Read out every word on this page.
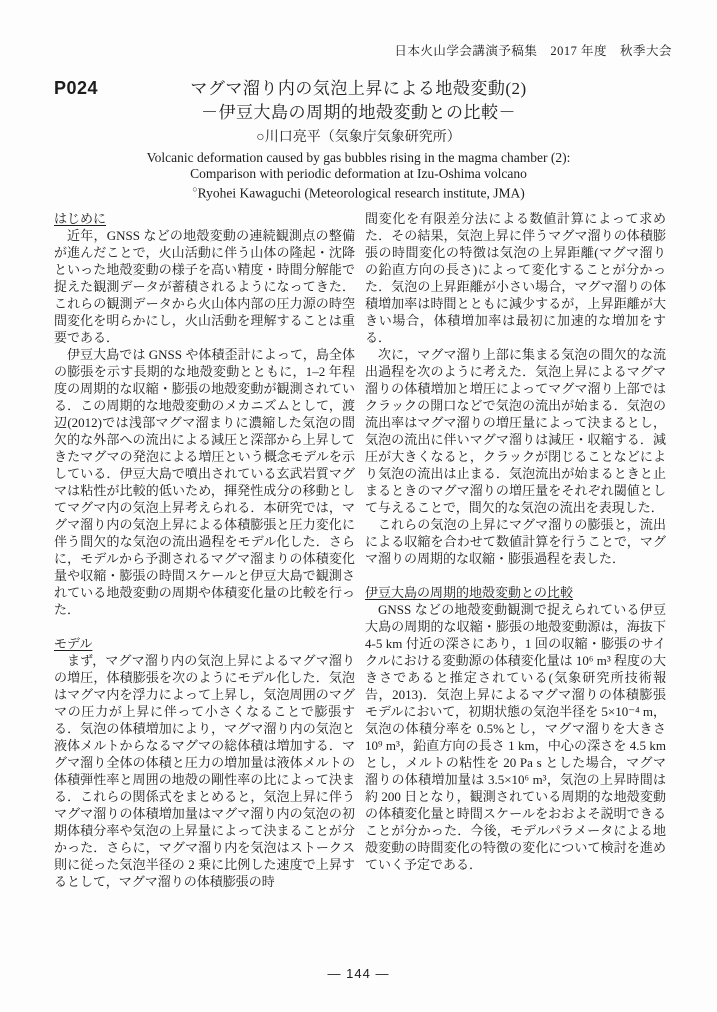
日本火山学会講演予稿集　2017 年度　秋季大会
P024	マグマ溜り内の気泡上昇による地殻変動(2)
－伊豆大島の周期的地殻変動との比較－
○川口亮平（気象庁気象研究所）
Volcanic deformation caused by gas bubbles rising in the magma chamber (2):
Comparison with periodic deformation at Izu-Oshima volcano
○Ryohei Kawaguchi (Meteorological research institute, JMA)
はじめに

近年，GNSS などの地殻変動の連続観測点の整備が進んだことで，火山活動に伴う山体の隆起・沈降といった地殻変動の様子を高い精度・時間分解能で捉えた観測データが蓄積されるようになってきた．これらの観測データから火山体内部の圧力源の時空間変化を明らかにし，火山活動を理解することは重要である．

伊豆大島では GNSS や体積歪計によって，島全体の膨張を示す長期的な地殻変動とともに，1–2 年程度の周期的な収縮・膨張の地殻変動が観測されている．この周期的な地殻変動のメカニズムとして，渡辺(2012)では浅部マグマ溜まりに濃縮した気泡の間欠的な外部への流出による減圧と深部から上昇してきたマグマの発泡による増圧という概念モデルを示している．伊豆大島で噴出されている玄武岩質マグマは粘性が比較的低いため，揮発性成分の移動としてマグマ内の気泡上昇考えられる．本研究では，マグマ溜り内の気泡上昇による体積膨張と圧力変化に伴う間欠的な気泡の流出過程をモデル化した．さらに，モデルから予測されるマグマ溜まりの体積変化量や収縮・膨張の時間スケールと伊豆大島で観測されている地殻変動の周期や体積変化量の比較を行った．

モデル

まず，マグマ溜り内の気泡上昇によるマグマ溜りの増圧，体積膨張を次のようにモデル化した．気泡はマグマ内を浮力によって上昇し，気泡周囲のマグマの圧力が上昇に伴って小さくなることで膨張する．気泡の体積増加により，マグマ溜り内の気泡と液体メルトからなるマグマの総体積は増加する．マグマ溜り全体の体積と圧力の増加量は液体メルトの体積弾性率と周囲の地殻の剛性率の比によって決まる．これらの関係式をまとめると，気泡上昇に伴うマグマ溜りの体積増加量はマグマ溜り内の気泡の初期体積分率や気泡の上昇量によって決まることが分かった．さらに，マグマ溜り内を気泡はストークス則に従った気泡半径の 2 乗に比例した速度で上昇するとして，マグマ溜りの体積膨張の時

間変化を有限差分法による数値計算によって求めた．その結果，気泡上昇に伴うマグマ溜りの体積膨張の時間変化の特徴は気泡の上昇距離(マグマ溜りの鉛直方向の長さ)によって変化することが分かった．気泡の上昇距離が小さい場合，マグマ溜りの体積増加率は時間とともに減少するが，上昇距離が大きい場合，体積増加率は最初に加速的な増加をする．

次に，マグマ溜り上部に集まる気泡の間欠的な流出過程を次のように考えた．気泡上昇によるマグマ溜りの体積増加と増圧によってマグマ溜り上部ではクラックの開口などで気泡の流出が始まる．気泡の流出率はマグマ溜りの増圧量によって決まるとし，気泡の流出に伴いマグマ溜りは減圧・収縮する．減圧が大きくなると，クラックが閉じることなどにより気泡の流出は止まる．気泡流出が始まるときと止まるときのマグマ溜りの増圧量をそれぞれ閾値として与えることで，間欠的な気泡の流出を表現した．

これらの気泡の上昇にマグマ溜りの膨張と，流出による収縮を合わせて数値計算を行うことで，マグマ溜りの周期的な収縮・膨張過程を表した．

伊豆大島の周期的地殻変動との比較

GNSS などの地殻変動観測で捉えられている伊豆大島の周期的な収縮・膨張の地殻変動源は，海抜下 4-5 km 付近の深さにあり，1 回の収縮・膨張のサイクルにおける変動源の体積変化量は 10⁶ m³ 程度の大きさであると推定されている(気象研究所技術報告，2013)．気泡上昇によるマグマ溜りの体積膨張モデルにおいて，初期状態の気泡半径を 5×10⁻⁴ m，気泡の体積分率を 0.5%とし，マグマ溜りを大きさ 10⁹ m³，鉛直方向の長さ 1 km，中心の深さを 4.5 km とし，メルトの粘性を 20 Pa s とした場合，マグマ溜りの体積増加量は 3.5×10⁶ m³，気泡の上昇時間は約 200 日となり，観測されている周期的な地殻変動の体積変化量と時間スケールをおおよそ説明できることが分かった．今後，モデルパラメータによる地殻変動の時間変化の特徴の変化について検討を進めていく予定である．

― 144 ―
